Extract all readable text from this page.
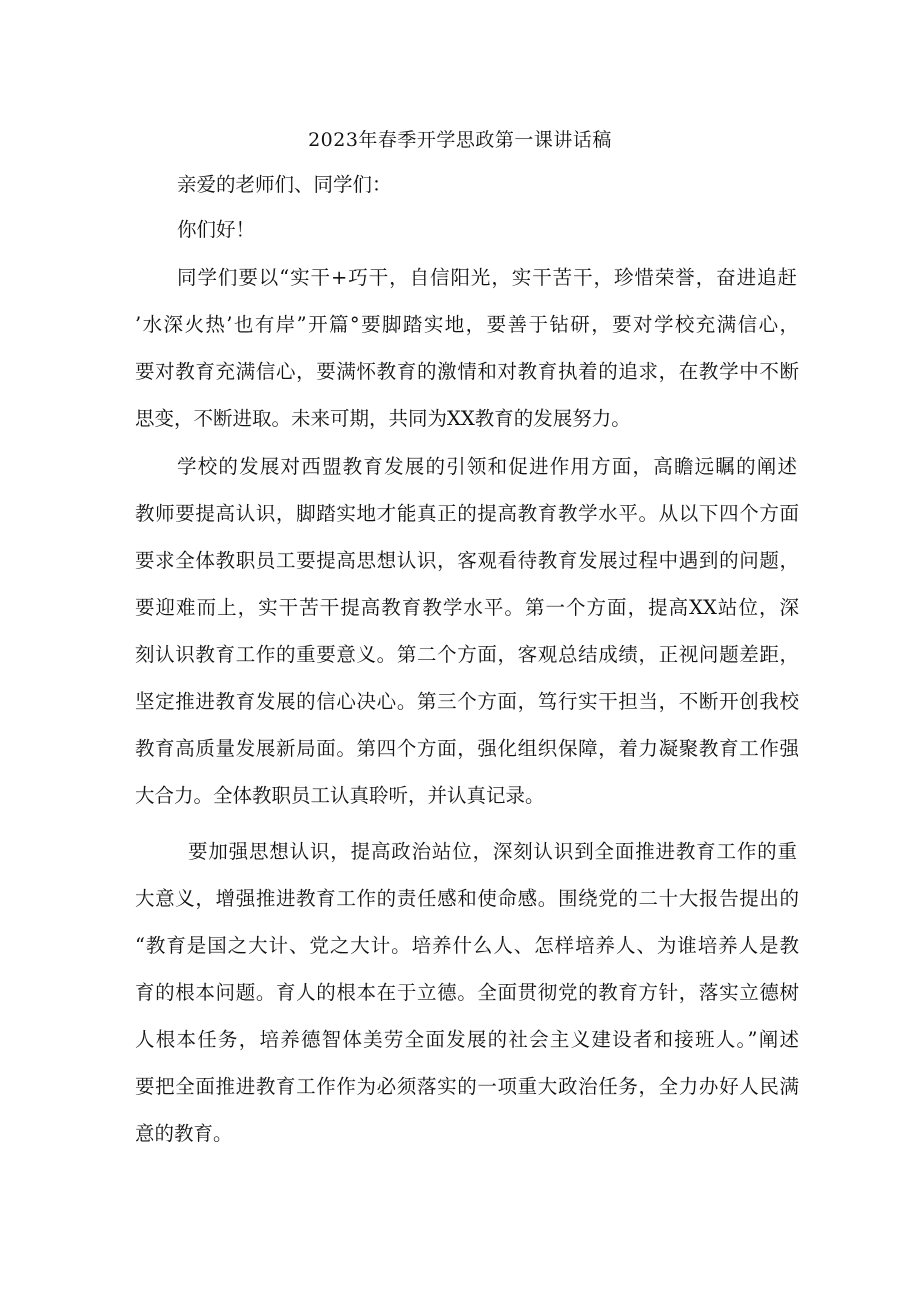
2023年春季开学思政第一课讲话稿

亲爱的老师们、同学们：

你们好！

同学们要以“实干+巧干，自信阳光，实干苦干，珍惜荣誉，奋进追赶

’水深火热’也有岸”开篇°要脚踏实地，要善于钻研，要对学校充满信心，

要对教育充满信心，要满怀教育的激情和对教育执着的追求，在教学中不断

思变，不断进取。未来可期，共同为XX教育的发展努力。

学校的发展对西盟教育发展的引领和促进作用方面，高瞻远瞩的阐述

教师要提高认识，脚踏实地才能真正的提高教育教学水平。从以下四个方面

要求全体教职员工要提高思想认识，客观看待教育发展过程中遇到的问题，

要迎难而上，实干苦干提高教育教学水平。第一个方面，提高XX站位，深

刻认识教育工作的重要意义。第二个方面，客观总结成绩，正视问题差距，

坚定推进教育发展的信心决心。第三个方面，笃行实干担当，不断开创我校

教育高质量发展新局面。第四个方面，强化组织保障，着力凝聚教育工作强

大合力。全体教职员工认真聆听，并认真记录。

要加强思想认识，提高政治站位，深刻认识到全面推进教育工作的重

大意义，增强推进教育工作的责任感和使命感。围绕党的二十大报告提出的

“教育是国之大计、党之大计。培养什么人、怎样培养人、为谁培养人是教

育的根本问题。育人的根本在于立德。全面贯彻党的教育方针，落实立德树

人根本任务，培养德智体美劳全面发展的社会主义建设者和接班人。”阐述

要把全面推进教育工作作为必须落实的一项重大政治任务，全力办好人民满

意的教育。
